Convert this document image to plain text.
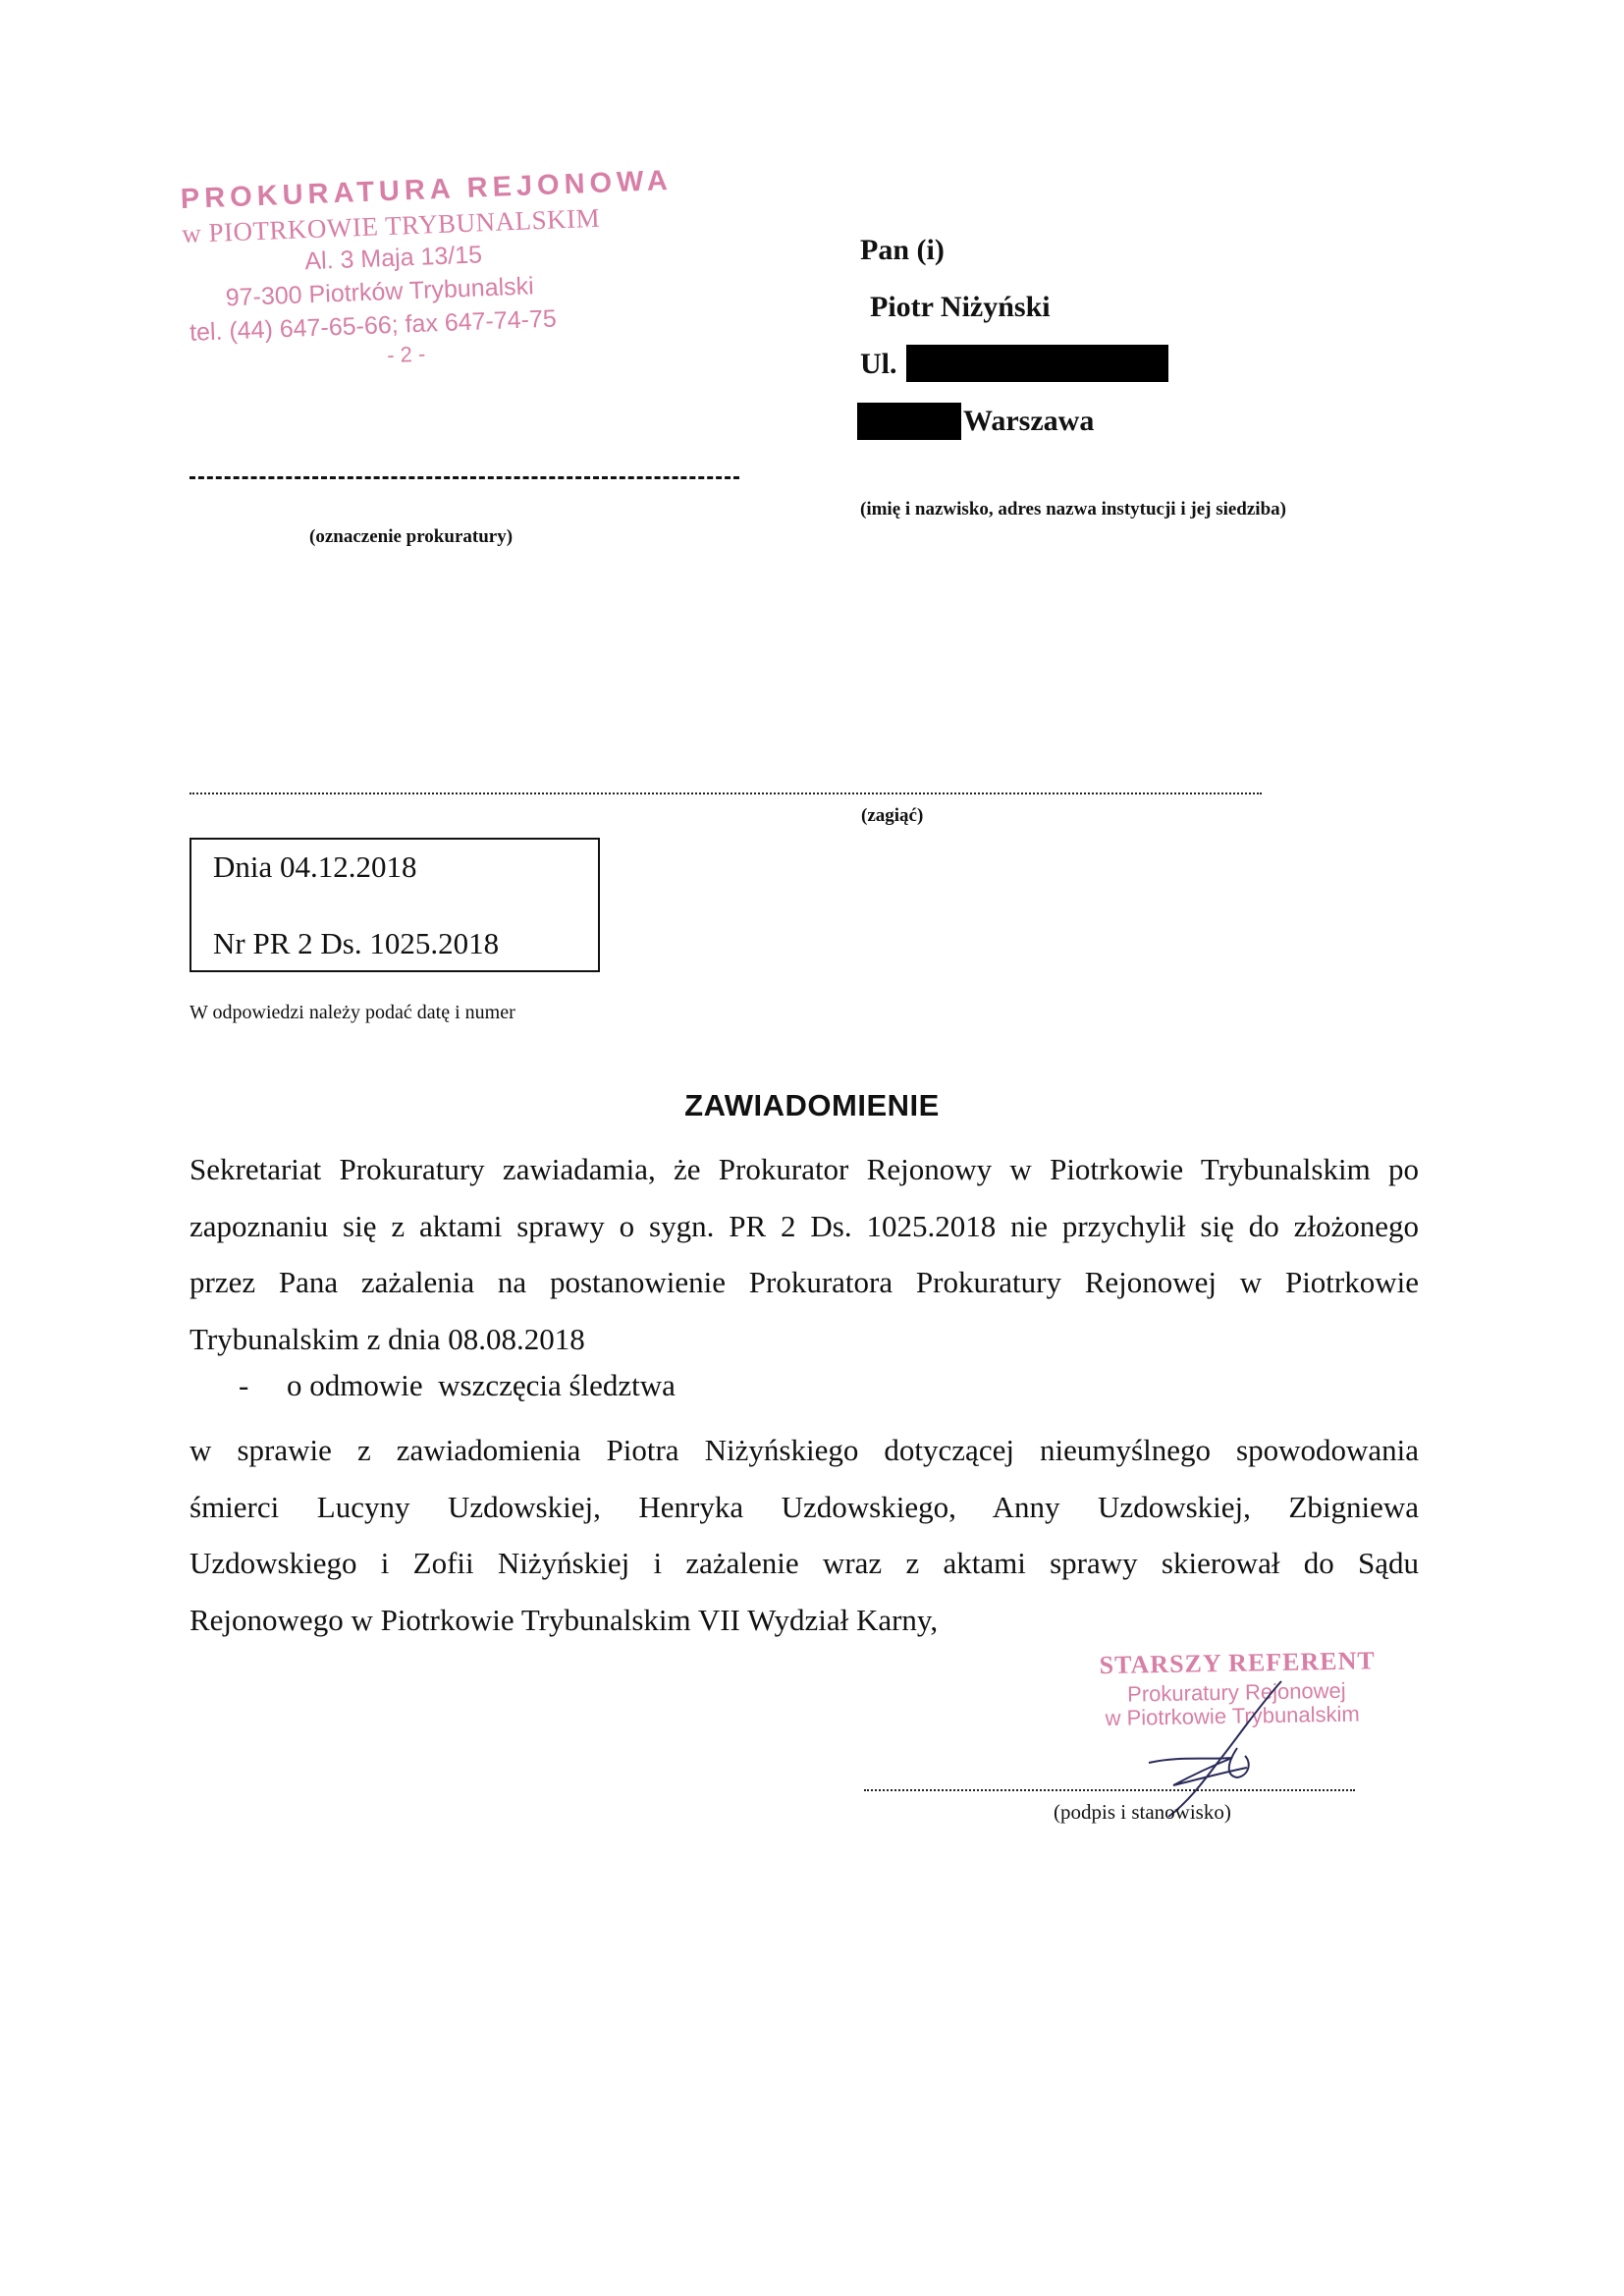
PROKURATURA REJONOWA
w PIOTRKOWIE TRYBUNALSKIM
Al. 3 Maja 13/15
97-300 Piotrków Trybunalski
tel. (44) 647-65-66; fax 647-74-75
- 2 -
(oznaczenie prokuratury)
Pan (i)
Piotr Niżyński
Ul.
Warszawa
(imię i nazwisko, adres nazwa instytucji i jej siedziba)
(zagiąć)
Dnia 04.12.2018
Nr PR 2 Ds. 1025.2018
W odpowiedzi należy podać datę i numer
ZAWIADOMIENIE
Sekretariat Prokuratury zawiadamia, że Prokurator Rejonowy w Piotrkowie Trybunalskim po
zapoznaniu się z aktami sprawy o sygn. PR 2 Ds. 1025.2018 nie przychylił się do złożonego
przez Pana zażalenia na postanowienie Prokuratora Prokuratury Rejonowej w Piotrkowie
Trybunalskim z dnia 08.08.2018
- o odmowie  wszczęcia śledztwa
w sprawie z zawiadomienia Piotra Niżyńskiego dotyczącej nieumyślnego spowodowania
śmierci Lucyny Uzdowskiej, Henryka Uzdowskiego, Anny Uzdowskiej, Zbigniewa
Uzdowskiego i Zofii Niżyńskiej i zażalenie wraz z aktami sprawy skierował do Sądu
Rejonowego w Piotrkowie Trybunalskim VII Wydział Karny,
STARSZY REFERENT
Prokuratury Rejonowej
w Piotrkowie Trybunalskim
(podpis i stanowisko)
